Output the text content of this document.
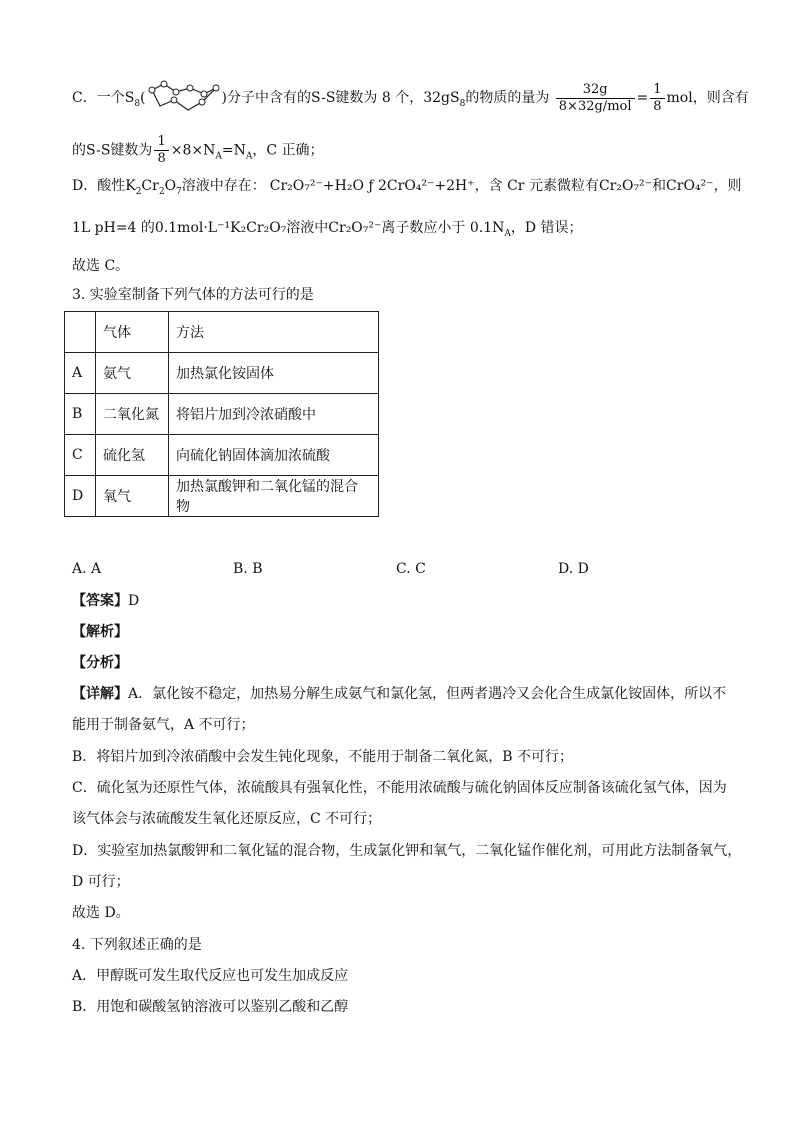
C．一个$S_8$(	)分子中含有的S-S键数为 8 个，$32gS_8$的物质的量为 $\frac{32g}{\text{8×32g/mol}} = \frac{1}{8}$ mol，则含有
的S-S键数为 $\frac{1}{8} \times 8\times N_A=N_A$，C 正确；
D．酸性$K_2Cr_2O_7$溶液中存在： Cr₂O₇²⁻+H₂O ƒ 2CrO₄²⁻+2H⁺，含 Cr 元素微粒有Cr₂O₇²⁻和CrO₄²⁻，则
1L pH=4 的0.1mol·L⁻¹K₂Cr₂O₇溶液中Cr₂O₇²⁻离子数应小于 $0.1N_A$，D 错误；
故选 C。
3. 实验室制备下列气体的方法可行的是
	气体	方法
A	氨气	加热氯化铵固体
B	二氧化氮	将铝片加到冷浓硝酸中
C	硫化氢	向硫化钠固体滴加浓硫酸
D	氧气	加热氯酸钾和二氧化锰的混合物
A. A	B. B	C. C	D. D
【答案】D
【解析】
【分析】
【详解】A．氯化铵不稳定，加热易分解生成氨气和氯化氢，但两者遇冷又会化合生成氯化铵固体，所以不
能用于制备氨气，A 不可行；
B．将铝片加到冷浓硝酸中会发生钝化现象，不能用于制备二氧化氮，B 不可行；
C．硫化氢为还原性气体，浓硫酸具有强氧化性，不能用浓硫酸与硫化钠固体反应制备该硫化氢气体，因为
该气体会与浓硫酸发生氧化还原反应，C 不可行；
D．实验室加热氯酸钾和二氧化锰的混合物，生成氯化钾和氧气，二氧化锰作催化剂，可用此方法制备氧气，
D 可行；
故选 D。
4. 下列叙述正确的是
A．甲醇既可发生取代反应也可发生加成反应
B．用饱和碳酸氢钠溶液可以鉴别乙酸和乙醇
